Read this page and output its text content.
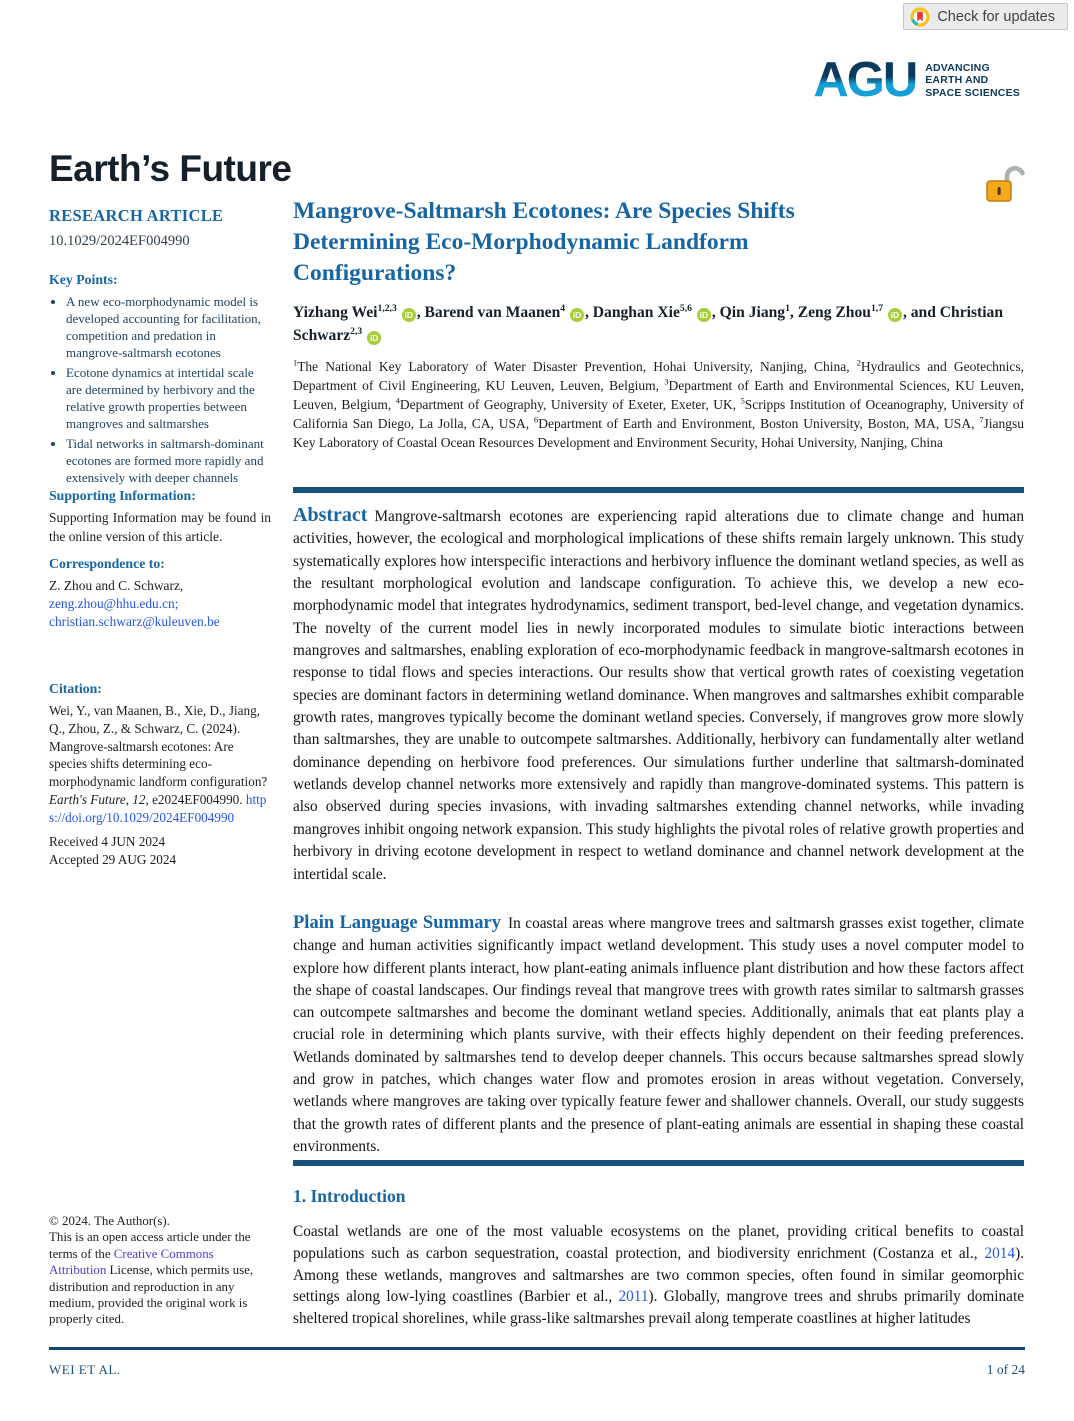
Check for updates
AGU ADVANCING
EARTH AND
SPACE SCIENCES
Earth’s Future
RESEARCH ARTICLE
10.1029/2024EF004990
Key Points:
• A new eco-morphodynamic model is developed accounting for facilitation, competition and predation in mangrove-saltmarsh ecotones
• Ecotone dynamics at intertidal scale are determined by herbivory and the relative growth properties between mangroves and saltmarshes
• Tidal networks in saltmarsh-dominant ecotones are formed more rapidly and extensively with deeper channels
Supporting Information:

Supporting Information may be found in the online version of this article.

Correspondence to:

Z. Zhou and C. Schwarz,

zeng.zhou@hhu.edu.cn;

christian.schwarz@kuleuven.be

Citation:

Wei, Y., van Maanen, B., Xie, D., Jiang, Q., Zhou, Z., & Schwarz, C. (2024). Mangrove-saltmarsh ecotones: Are species shifts determining eco-morphodynamic landform configuration? Earth's Future, 12, e2024EF004990. https://doi.org/10.1029/2024EF004990

Received 4 JUN 2024
Accepted 29 AUG 2024
© 2024. The Author(s).
This is an open access article under the terms of the Creative Commons Attribution License, which permits use, distribution and reproduction in any medium, provided the original work is properly cited.
Mangrove-Saltmarsh Ecotones: Are Species Shifts
Determining Eco-Morphodynamic Landform
Configurations?
Yizhang Wei$^{1,2,3}$ iD , Barend van Maanen$^4$ iD , Danghan Xie$^{5,6}$ iD , Qin Jiang$^1$, Zeng Zhou$^{1,7}$ iD , and Christian Schwarz$^{2,3}$ iD
$^1$The National Key Laboratory of Water Disaster Prevention, Hohai University, Nanjing, China, $^2$Hydraulics and Geotechnics, Department of Civil Engineering, KU Leuven, Leuven, Belgium, $^3$Department of Earth and Environmental Sciences, KU Leuven, Leuven, Belgium, $^4$Department of Geography, University of Exeter, Exeter, UK, $^5$Scripps Institution of Oceanography, University of California San Diego, La Jolla, CA, USA, $^6$Department of Earth and Environment, Boston University, Boston, MA, USA, $^7$Jiangsu Key Laboratory of Coastal Ocean Resources Development and Environment Security, Hohai University, Nanjing, China

Abstract Mangrove-saltmarsh ecotones are experiencing rapid alterations due to climate change and human activities, however, the ecological and morphological implications of these shifts remain largely unknown. This study systematically explores how interspecific interactions and herbivory influence the dominant wetland species, as well as the resultant morphological evolution and landscape configuration. To achieve this, we develop a new eco-morphodynamic model that integrates hydrodynamics, sediment transport, bed-level change, and vegetation dynamics. The novelty of the current model lies in newly incorporated modules to simulate biotic interactions between mangroves and saltmarshes, enabling exploration of eco-morphodynamic feedback in mangrove-saltmarsh ecotones in response to tidal flows and species interactions. Our results show that vertical growth rates of coexisting vegetation species are dominant factors in determining wetland dominance. When mangroves and saltmarshes exhibit comparable growth rates, mangroves typically become the dominant wetland species. Conversely, if mangroves grow more slowly than saltmarshes, they are unable to outcompete saltmarshes. Additionally, herbivory can fundamentally alter wetland dominance depending on herbivore food preferences. Our simulations further underline that saltmarsh-dominated wetlands develop channel networks more extensively and rapidly than mangrove-dominated systems. This pattern is also observed during species invasions, with invading saltmarshes extending channel networks, while invading mangroves inhibit ongoing network expansion. This study highlights the pivotal roles of relative growth properties and herbivory in driving ecotone development in respect to wetland dominance and channel network development at the intertidal scale.

Plain Language Summary In coastal areas where mangrove trees and saltmarsh grasses exist together, climate change and human activities significantly impact wetland development. This study uses a novel computer model to explore how different plants interact, how plant-eating animals influence plant distribution and how these factors affect the shape of coastal landscapes. Our findings reveal that mangrove trees with growth rates similar to saltmarsh grasses can outcompete saltmarshes and become the dominant wetland species. Additionally, animals that eat plants play a crucial role in determining which plants survive, with their effects highly dependent on their feeding preferences. Wetlands dominated by saltmarshes tend to develop deeper channels. This occurs because saltmarshes spread slowly and grow in patches, which changes water flow and promotes erosion in areas without vegetation. Conversely, wetlands where mangroves are taking over typically feature fewer and shallower channels. Overall, our study suggests that the growth rates of different plants and the presence of plant-eating animals are essential in shaping these coastal environments.

1. Introduction

Coastal wetlands are one of the most valuable ecosystems on the planet, providing critical benefits to coastal populations such as carbon sequestration, coastal protection, and biodiversity enrichment (Costanza et al., 2014). Among these wetlands, mangroves and saltmarshes are two common species, often found in similar geomorphic settings along low-lying coastlines (Barbier et al., 2011). Globally, mangrove trees and shrubs primarily dominate sheltered tropical shorelines, while grass-like saltmarshes prevail along temperate coastlines at higher latitudes

WEI ET AL.	1 of 24
